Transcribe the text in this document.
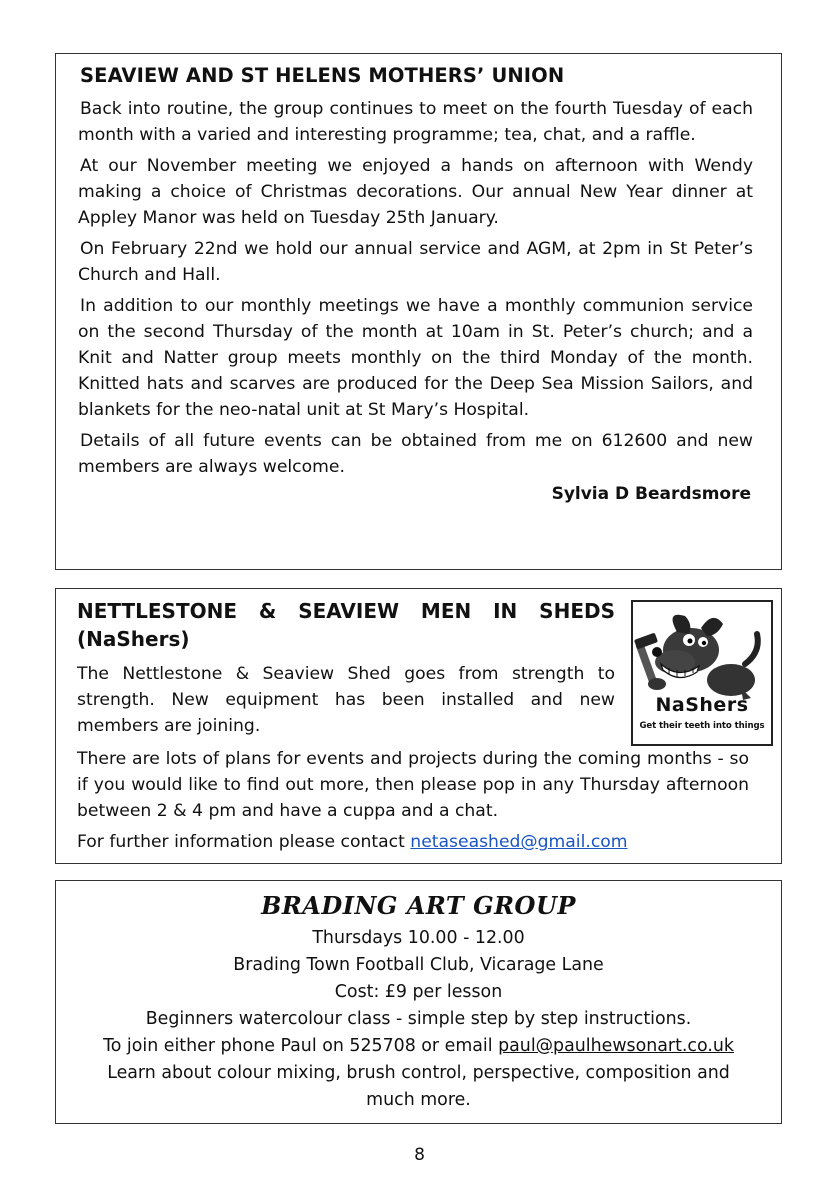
SEAVIEW AND ST HELENS MOTHERS’ UNION

Back into routine, the group continues to meet on the fourth Tuesday of each month with a varied and interesting programme; tea, chat, and a raffle.

At our November meeting we enjoyed a hands on afternoon with Wendy making a choice of Christmas decorations. Our annual New Year dinner at Appley Manor was held on Tuesday 25th January.

On February 22nd we hold our annual service and AGM, at 2pm in St Peter’s Church and Hall.

In addition to our monthly meetings we have a monthly communion service on the second Thursday of the month at 10am in St. Peter’s church; and a Knit and Natter group meets monthly on the third Monday of the month. Knitted hats and scarves are produced for the Deep Sea Mission Sailors, and blankets for the neo-natal unit at St Mary’s Hospital.

Details of all future events can be obtained from me on 612600 and new members are always welcome.

Sylvia D Beardsmore
NETTLESTONE & SEAVIEW MEN IN SHEDS
(NaShers)

The Nettlestone & Seaview Shed goes from strength to strength. New equipment has been installed and new members are joining.

NaShers
Get their teeth into things

There are lots of plans for events and projects during the coming months - so if you would like to find out more, then please pop in any Thursday afternoon between 2 & 4 pm and have a cuppa and a chat.

For further information please contact netaseashed@gmail.com

BRADING ART GROUP

Thursdays 10.00 - 12.00

Brading Town Football Club, Vicarage Lane

Cost: £9 per lesson

Beginners watercolour class - simple step by step instructions.

To join either phone Paul on 525708 or email paul@paulhewsonart.co.uk

Learn about colour mixing, brush control, perspective, composition and much more.

8
